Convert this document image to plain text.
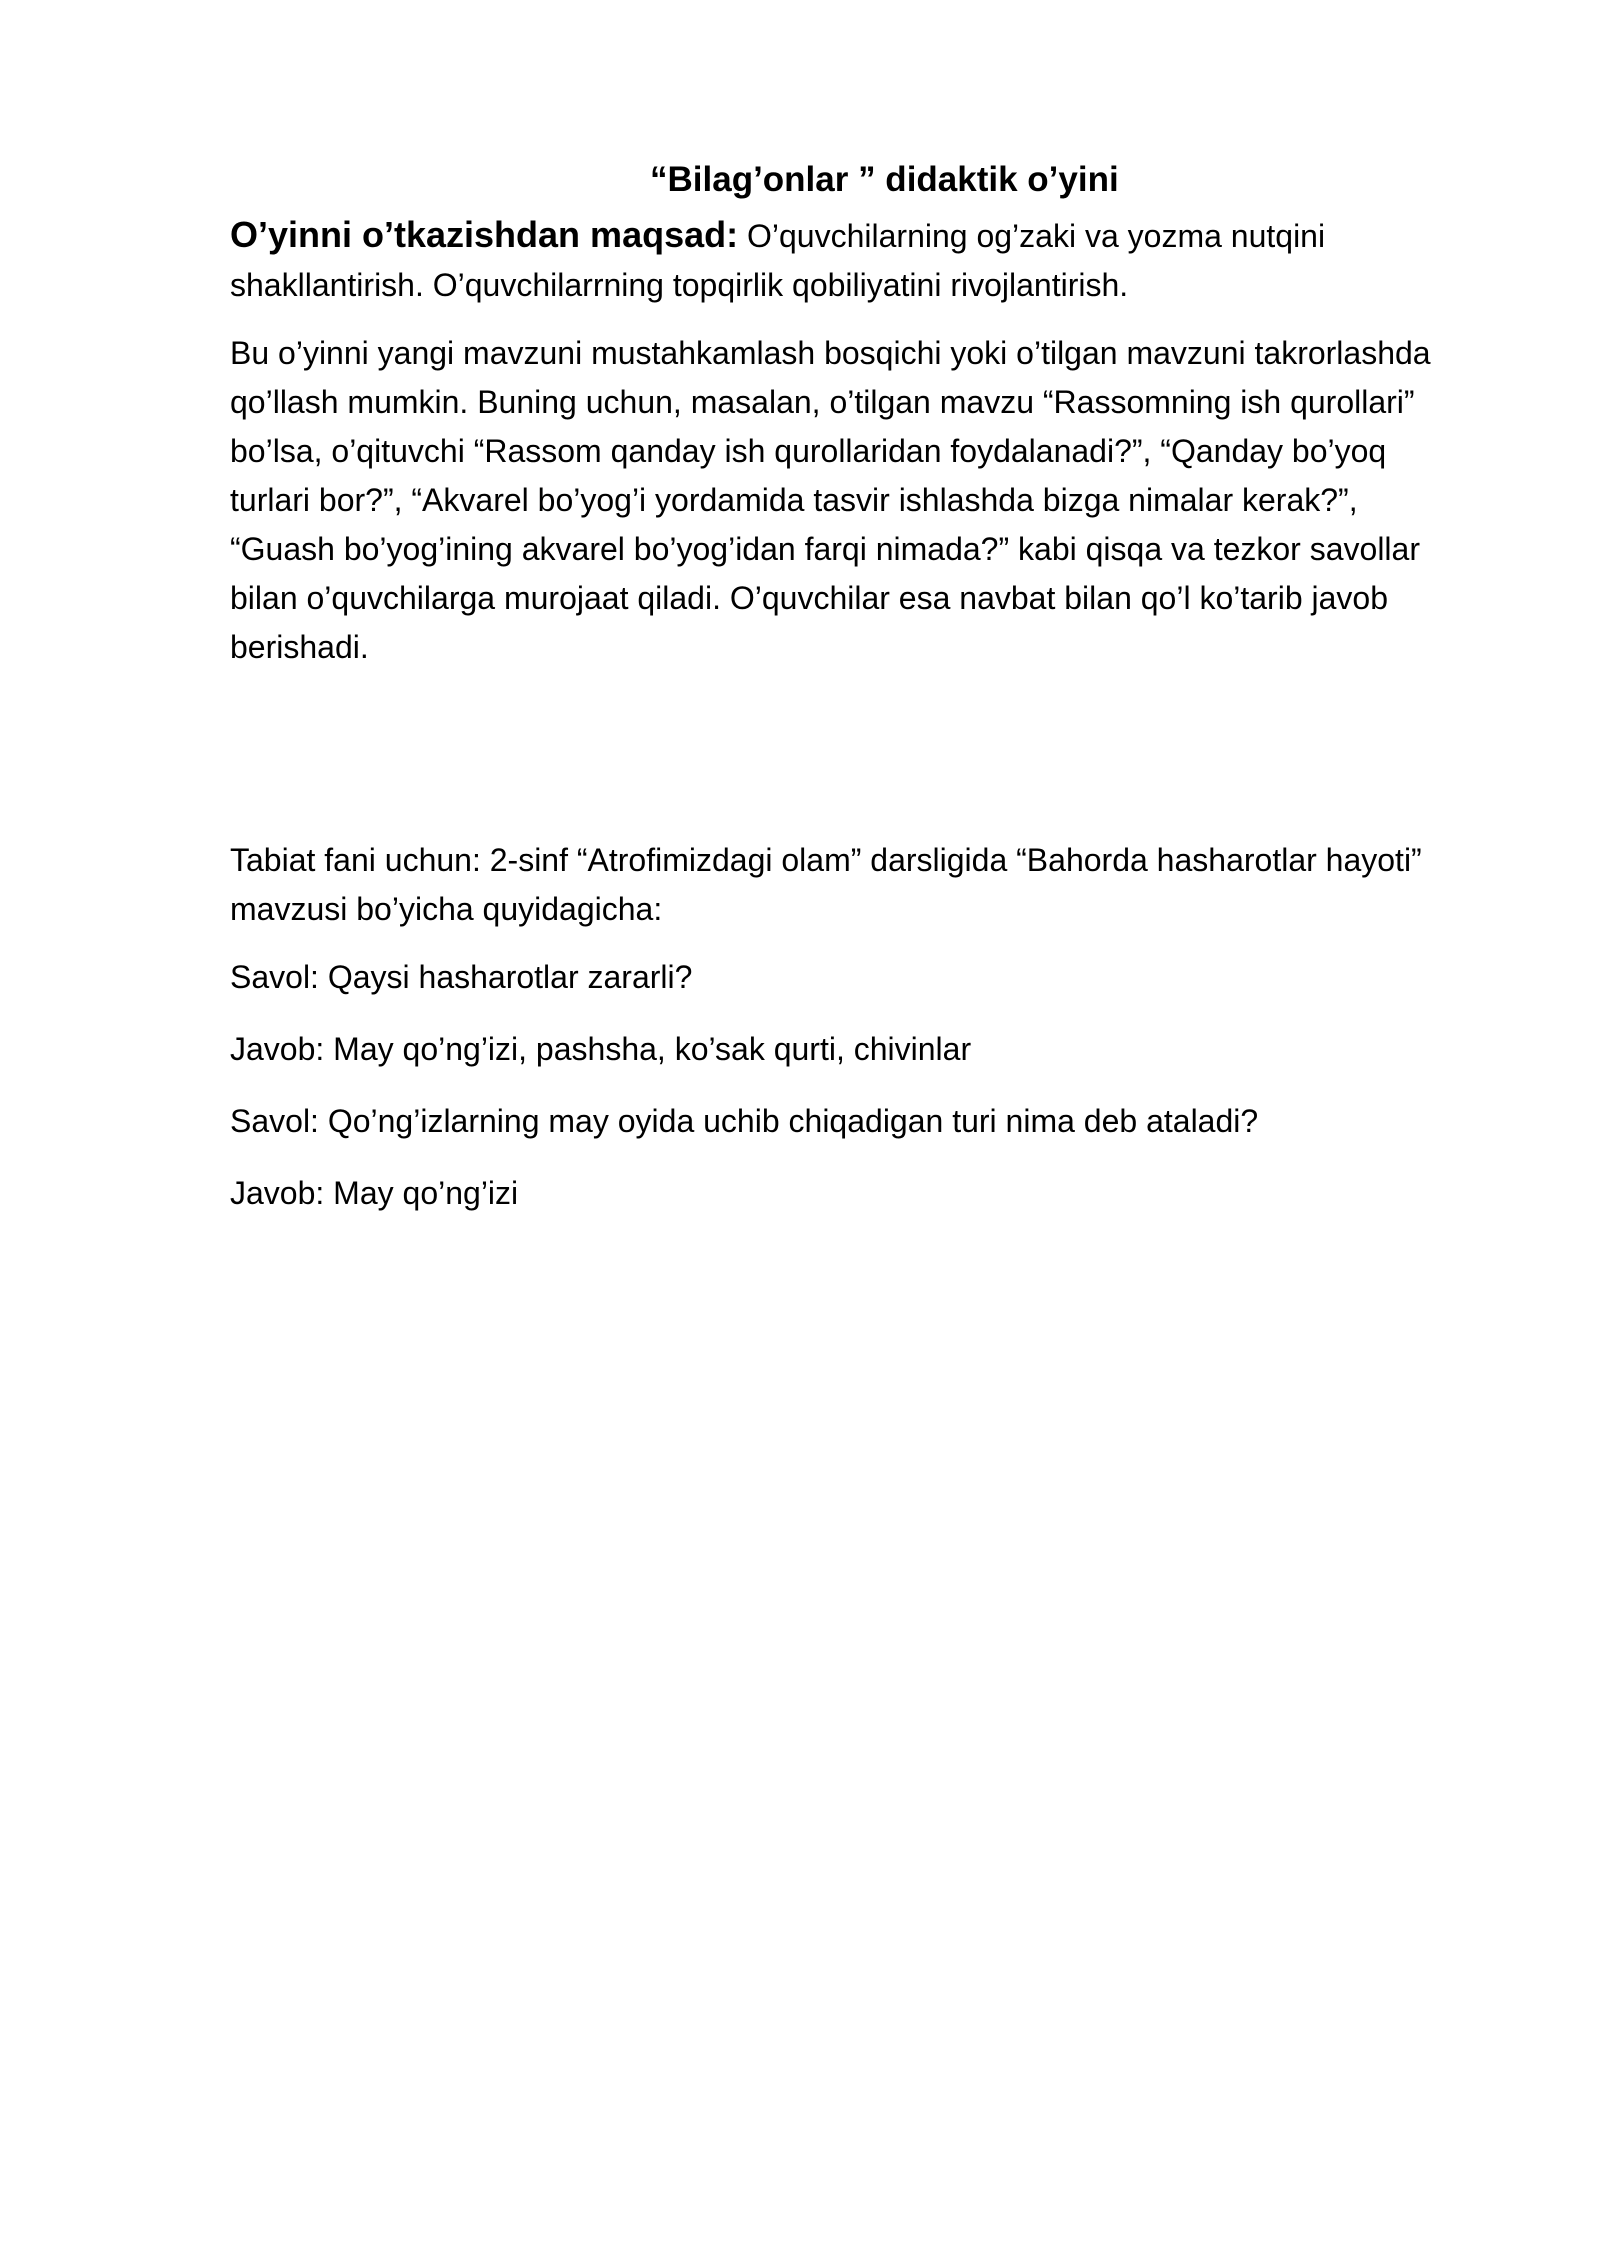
“Bilag’onlar ” didaktik o’yini

O’yinni o’tkazishdan maqsad: O’quvchilarning og’zaki va yozma nutqini shakllantirish. O’quvchilarrning topqirlik qobiliyatini rivojlantirish.

Bu o’yinni yangi mavzuni mustahkamlash bosqichi yoki o’tilgan mavzuni takrorlashda qo’llash mumkin. Buning uchun, masalan, o’tilgan mavzu “Rassomning ish qurollari” bo’lsa, o’qituvchi “Rassom qanday ish qurollaridan foydalanadi?”, “Qanday bo’yoq turlari bor?”, “Akvarel bo’yog’i yordamida tasvir ishlashda bizga nimalar kerak?”, “Guash bo’yog’ining akvarel bo’yog’idan farqi nimada?” kabi qisqa va tezkor savollar bilan o’quvchilarga murojaat qiladi. O’quvchilar esa navbat bilan qo’l ko’tarib javob berishadi.

Tabiat fani uchun: 2-sinf “Atrofimizdagi olam” darsligida “Bahorda hasharotlar hayoti” mavzusi bo’yicha quyidagicha:

Savol: Qaysi hasharotlar zararli?

Javob: May qo’ng’izi, pashsha, ko’sak qurti, chivinlar

Savol: Qo’ng’izlarning may oyida uchib chiqadigan turi nima deb ataladi?

Javob: May qo’ng’izi
